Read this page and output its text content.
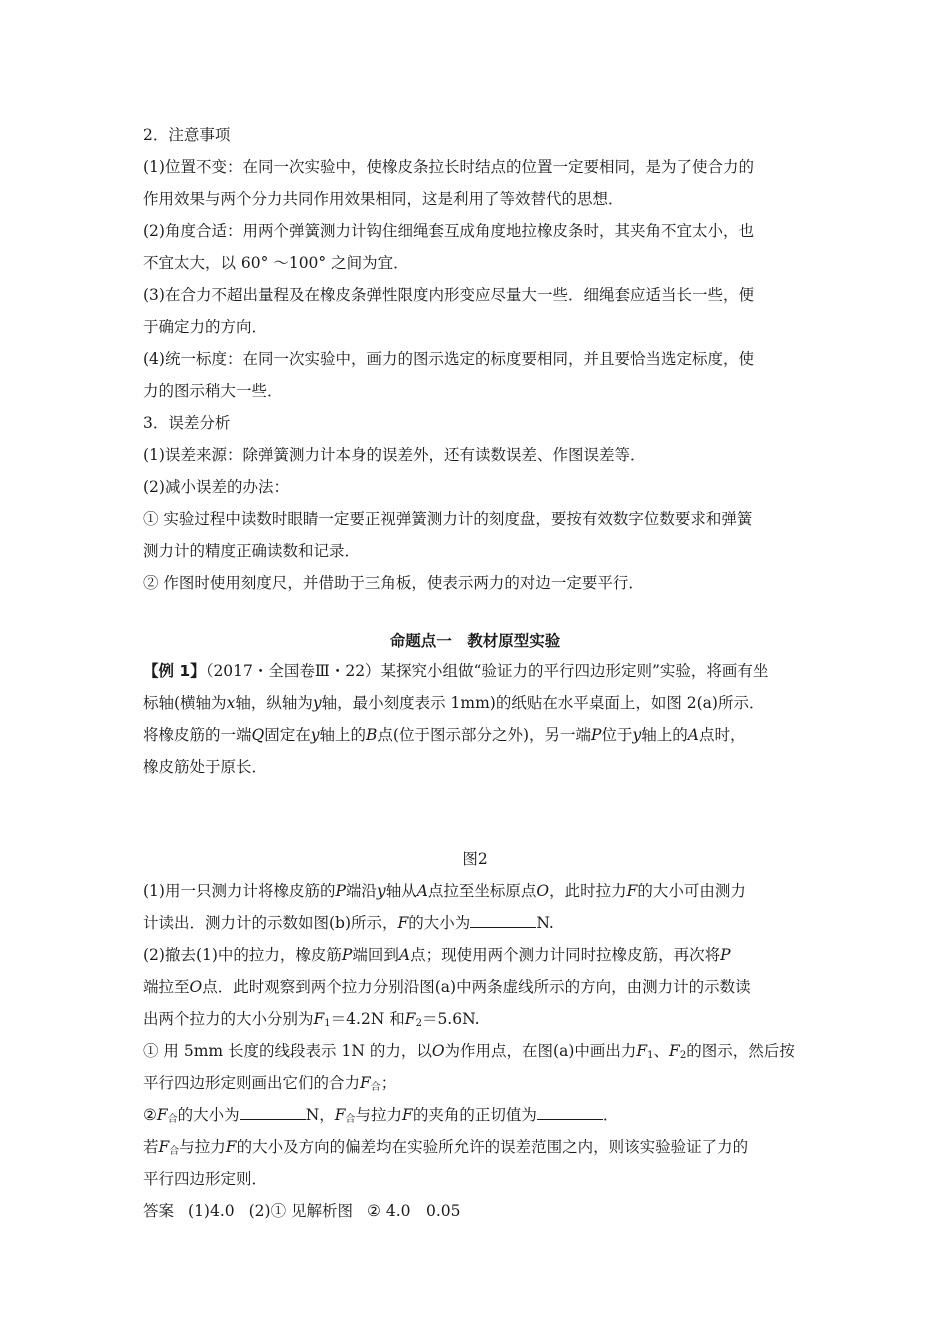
2．注意事项
(1)位置不变：在同一次实验中，使橡皮条拉长时结点的位置一定要相同，是为了使合力的
作用效果与两个分力共同作用效果相同，这是利用了等效替代的思想．
(2)角度合适：用两个弹簧测力计钩住细绳套互成角度地拉橡皮条时，其夹角不宜太小，也
不宜太大，以 60° ～100° 之间为宜．
(3)在合力不超出量程及在橡皮条弹性限度内形变应尽量大一些．细绳套应适当长一些，便
于确定力的方向．
(4)统一标度：在同一次实验中，画力的图示选定的标度要相同，并且要恰当选定标度，使
力的图示稍大一些．
3．误差分析
(1)误差来源：除弹簧测力计本身的误差外，还有读数误差、作图误差等．
(2)减小误差的办法：
① 实验过程中读数时眼睛一定要正视弹簧测力计的刻度盘，要按有效数字位数要求和弹簧
测力计的精度正确读数和记录．
② 作图时使用刻度尺，并借助于三角板，使表示两力的对边一定要平行．
命题点一　教材原型实验
【例 1】（2017・全国卷Ⅲ・22）某探究小组做“验证力的平行四边形定则”实验，将画有坐
标轴(横轴为x轴，纵轴为y轴，最小刻度表示 1mm)的纸贴在水平桌面上，如图 2(a)所示．
将橡皮筋的一端Q固定在y轴上的B点(位于图示部分之外)，另一端P位于y轴上的A点时，
橡皮筋处于原长．
图2
(1)用一只测力计将橡皮筋的P端沿y轴从A点拉至坐标原点O，此时拉力F的大小可由测力
计读出．测力计的示数如图(b)所示，F的大小为	N.
(2)撤去(1)中的拉力，橡皮筋P端回到A点；现使用两个测力计同时拉橡皮筋，再次将P
端拉至O点．此时观察到两个拉力分别沿图(a)中两条虚线所示的方向，由测力计的示数读
出两个拉力的大小分别为$F_1=4.2N$ 和$F_2=5.6N$.
① 用 5mm 长度的线段表示 1N 的力，以O为作用点，在图(a)中画出力$F_1$、$F_2$的图示，然后按
平行四边形定则画出它们的合力$F_合$；
$②F_合$的大小为	N，$F_合$与拉力F的夹角的正切值为	．
若$F_合$与拉力F的大小及方向的偏差均在实验所允许的误差范围之内，则该实验验证了力的
平行四边形定则．
答案 (1)4.0 (2)① 见解析图 ② 4.0　0.05
